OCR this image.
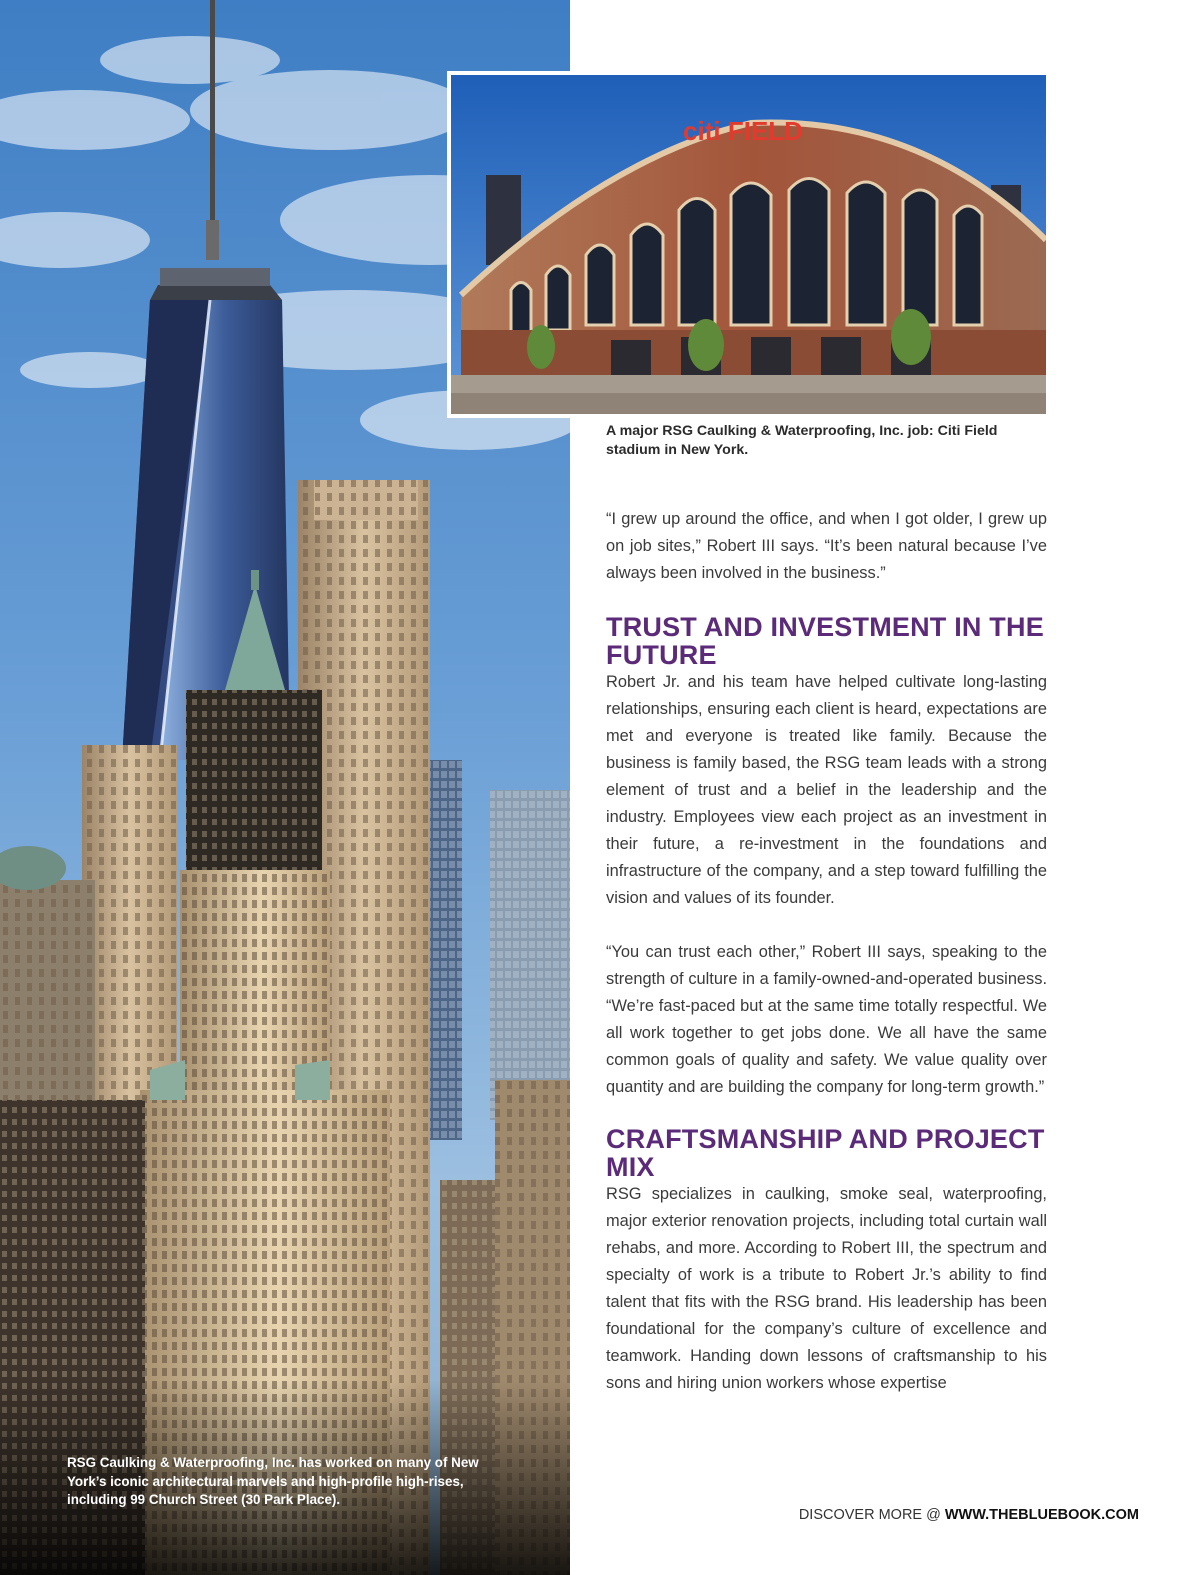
RSG Caulking & Waterproofing, Inc. has worked on many of New York’s iconic architectural marvels and high-profile high-rises, including 99 Church Street (30 Park Place).
citi FIELD
A major RSG Caulking & Waterproofing, Inc. job: Citi Field stadium in New York.

“I grew up around the office, and when I got older, I grew up on job sites,” Robert III says. “It’s been natural because I’ve always been involved in the business.”

TRUST AND INVESTMENT IN THE FUTURE

Robert Jr. and his team have helped cultivate long-lasting relationships, ensuring each client is heard, expectations are met and everyone is treated like family. Because the business is family based, the RSG team leads with a strong element of trust and a belief in the leadership and the industry. Employees view each project as an investment in their future, a re-investment in the foundations and infrastructure of the company, and a step toward fulfilling the vision and values of its founder.

“You can trust each other,” Robert III says, speaking to the strength of culture in a family-owned-and-operated business. “We’re fast-paced but at the same time totally respectful. We all work together to get jobs done. We all have the same common goals of quality and safety. We value quality over quantity and are building the company for long-term growth.”

CRAFTSMANSHIP AND PROJECT MIX

RSG specializes in caulking, smoke seal, waterproofing, major exterior renovation projects, including total curtain wall rehabs, and more. According to Robert III, the spectrum and specialty of work is a tribute to Robert Jr.’s ability to find talent that fits with the RSG brand. His leadership has been foundational for the company’s culture of excellence and teamwork. Handing down lessons of craftsmanship to his sons and hiring union workers whose expertise

DISCOVER MORE @ WWW.THEBLUEBOOK.COM
